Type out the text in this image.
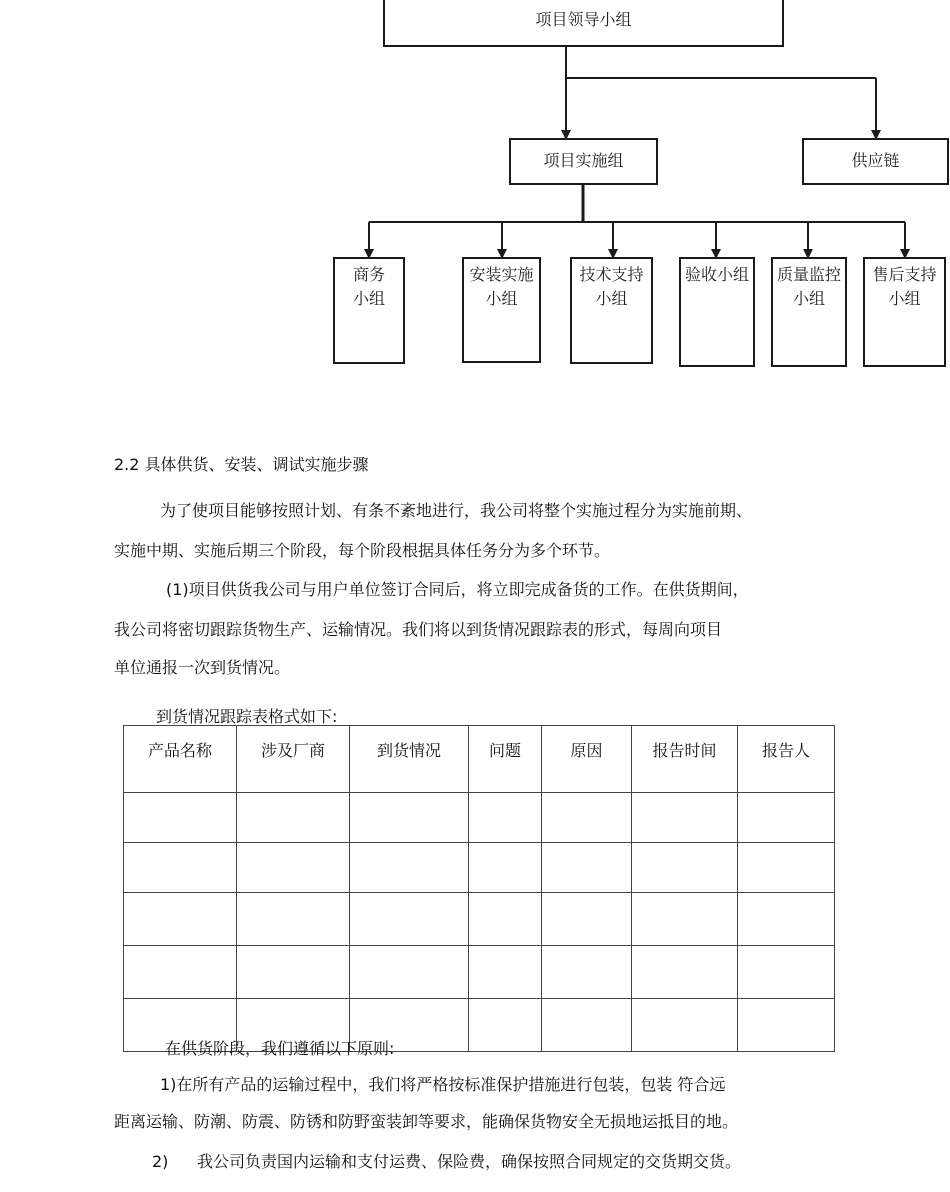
项目领导小组
项目实施组	供应链
商务
小组
安装实施
小组
技术支持
小组
验收小组 质量监控
小组
售后支持
小组
2.2 具体供货、安装、调试实施步骤
为了使项目能够按照计划、有条不紊地进行，我公司将整个实施过程分为实施前期、
实施中期、实施后期三个阶段，每个阶段根据具体任务分为多个环节。
(1)项目供货我公司与用户单位签订合同后，将立即完成备货的工作。在供货期间，
我公司将密切跟踪货物生产、运输情况。我们将以到货情况跟踪表的形式，每周向项目
单位通报一次到货情况。
到货情况跟踪表格式如下:
产品名称	涉及厂商	到货情况	问题	原因	报告时间	报告人

在供货阶段，我们遵循以下原则:
1)在所有产品的运输过程中，我们将严格按标准保护措施进行包装，包装 符合远
距离运输、防潮、防震、防锈和防野蛮装卸等要求，能确保货物安全无损地运抵目的地。
2) 我公司负责国内运输和支付运费、保险费，确保按照合同规定的交货期交货。
